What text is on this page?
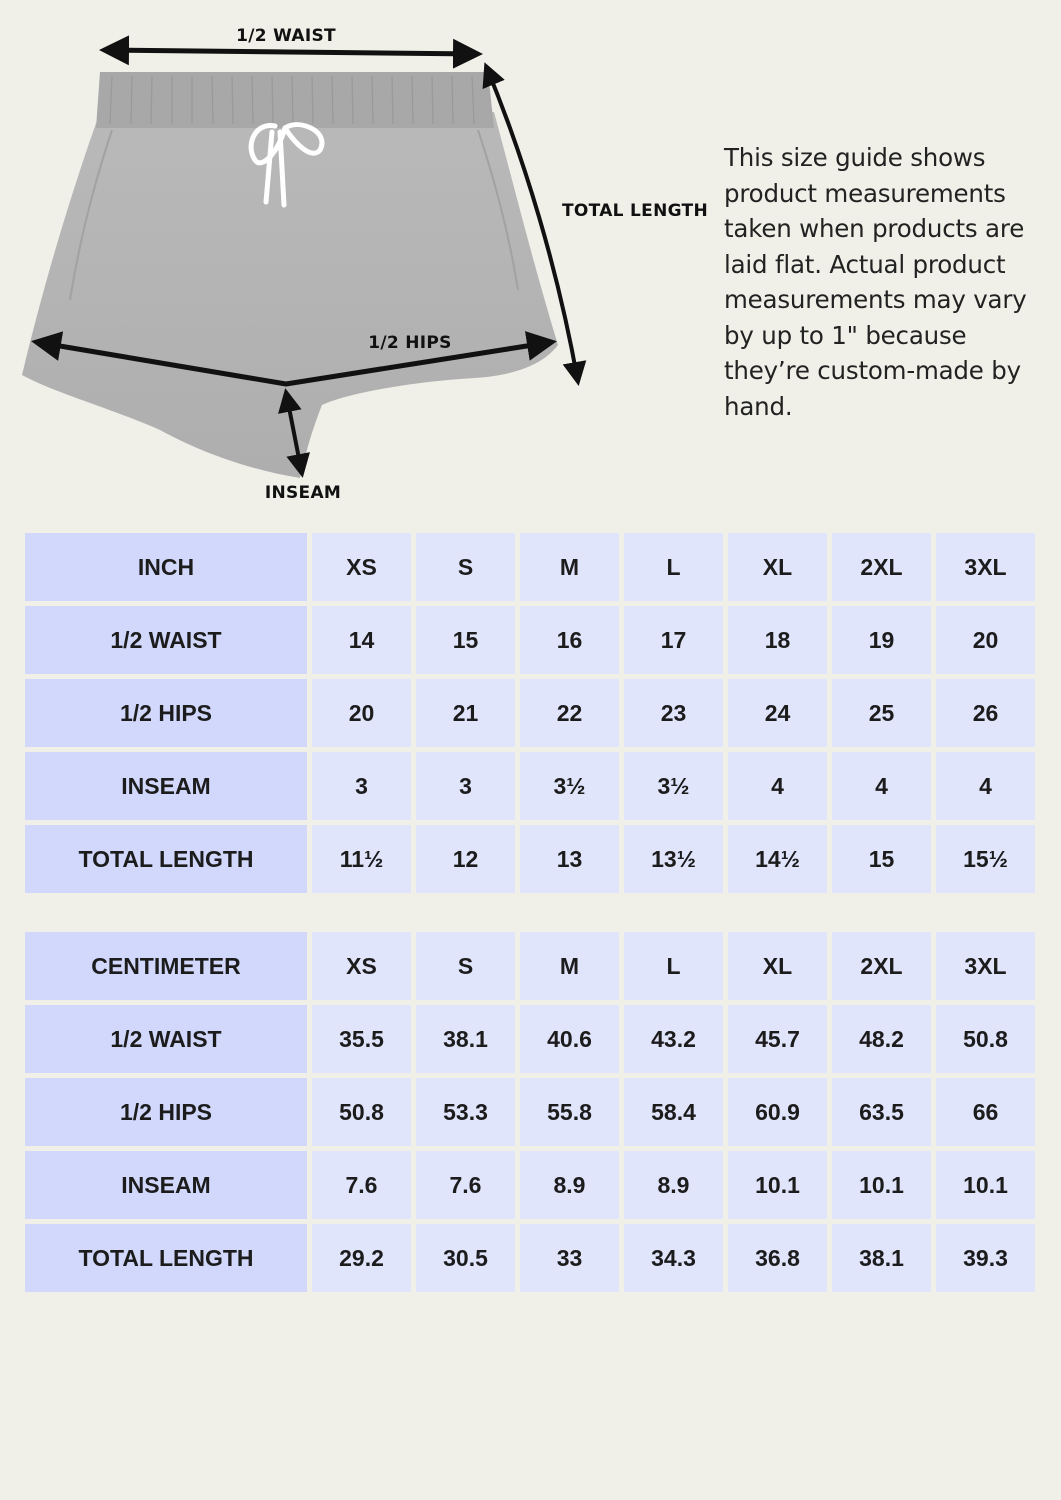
1/2 WAIST
TOTAL LENGTH
1/2 HIPS
INSEAM
This size guide shows product measurements taken when products are laid flat. Actual product measurements may vary by up to 1" because they’re custom-made by hand.
INCH	XS	S	M	L	XL	2XL	3XL
1/2 WAIST	14	15	16	17	18	19	20
1/2 HIPS	20	21	22	23	24	25	26
INSEAM	3	3	3½	3½	4	4	4
TOTAL LENGTH	11½	12	13	13½	14½	15	15½
CENTIMETER	XS	S	M	L	XL	2XL	3XL
1/2 WAIST	35.5	38.1	40.6	43.2	45.7	48.2	50.8
1/2 HIPS	50.8	53.3	55.8	58.4	60.9	63.5	66
INSEAM	7.6	7.6	8.9	8.9	10.1	10.1	10.1
TOTAL LENGTH	29.2	30.5	33	34.3	36.8	38.1	39.3
